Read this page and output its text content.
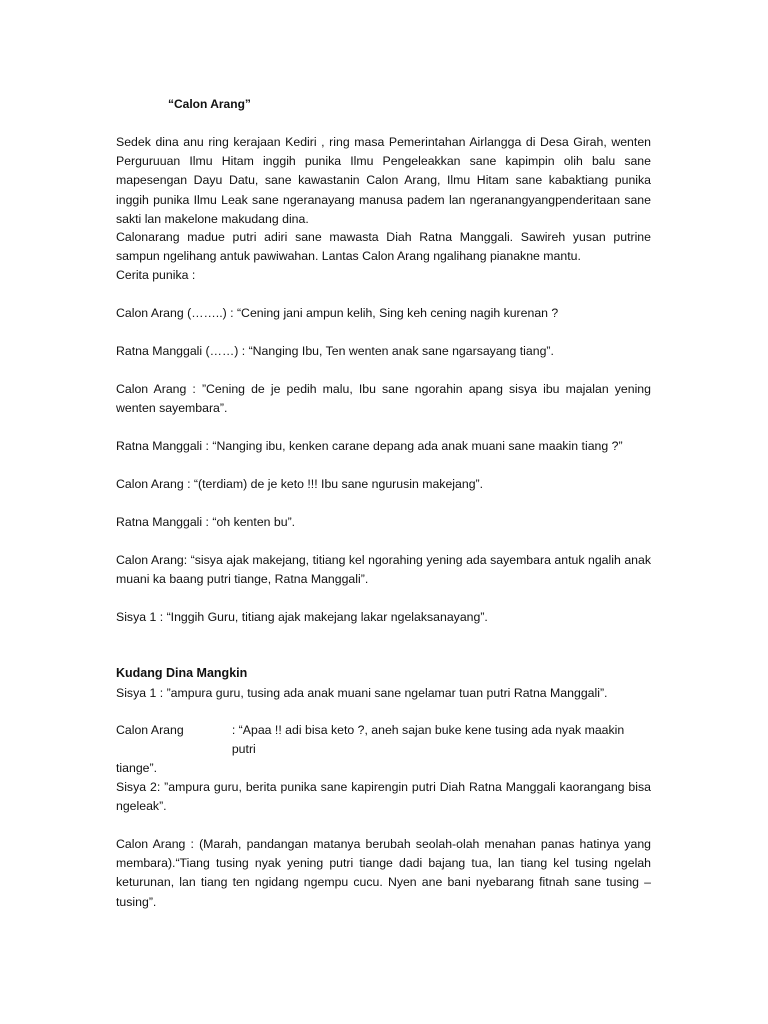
“Calon Arang”

Sedek dina anu ring kerajaan Kediri , ring masa Pemerintahan Airlangga di Desa Girah, wenten Perguruuan Ilmu Hitam inggih punika Ilmu Pengeleakkan sane kapimpin olih balu sane mapesengan Dayu Datu, sane kawastanin Calon Arang, Ilmu Hitam sane kabaktiang punika inggih punika Ilmu Leak sane ngeranayang manusa padem lan ngeranangyangpenderitaan sane sakti lan makelone makudang dina.

Calonarang madue putri adiri sane mawasta Diah Ratna Manggali. Sawireh yusan putrine sampun ngelihang antuk pawiwahan. Lantas Calon Arang ngalihang pianakne mantu.

Cerita punika :

Calon Arang (……..) : “Cening jani ampun kelih, Sing keh cening nagih kurenan ?

Ratna Manggali (……) : “Nanging Ibu, Ten wenten anak sane ngarsayang tiang”.

Calon Arang : ”Cening de je pedih malu, Ibu sane ngorahin apang sisya ibu majalan yening wenten sayembara”.

Ratna Manggali : “Nanging ibu, kenken carane depang ada anak muani sane maakin tiang ?”

Calon Arang : “(terdiam) de je keto !!! Ibu sane ngurusin makejang”.

Ratna Manggali : “oh kenten bu”.

Calon Arang: “sisya ajak makejang, titiang kel ngorahing yening ada sayembara antuk ngalih anak muani ka baang putri tiange, Ratna Manggali”.

Sisya 1 : “Inggih Guru, titiang ajak makejang lakar ngelaksanayang”.

Kudang Dina Mangkin

Sisya 1 : ”ampura guru, tusing ada anak muani sane ngelamar tuan putri Ratna Manggali”.

Calon Arang	: “Apaa !! adi bisa keto ?, aneh sajan buke kene tusing ada nyak maakin putri
tiange”.

Sisya 2: ”ampura guru, berita punika sane kapirengin putri Diah Ratna Manggali kaorangang bisa ngeleak”.

Calon Arang : (Marah, pandangan matanya berubah seolah-olah menahan panas hatinya yang membara).“Tiang tusing nyak yening putri tiange dadi bajang tua, lan tiang kel tusing ngelah keturunan, lan tiang ten ngidang ngempu cucu. Nyen ane bani nyebarang fitnah sane tusing – tusing”.
